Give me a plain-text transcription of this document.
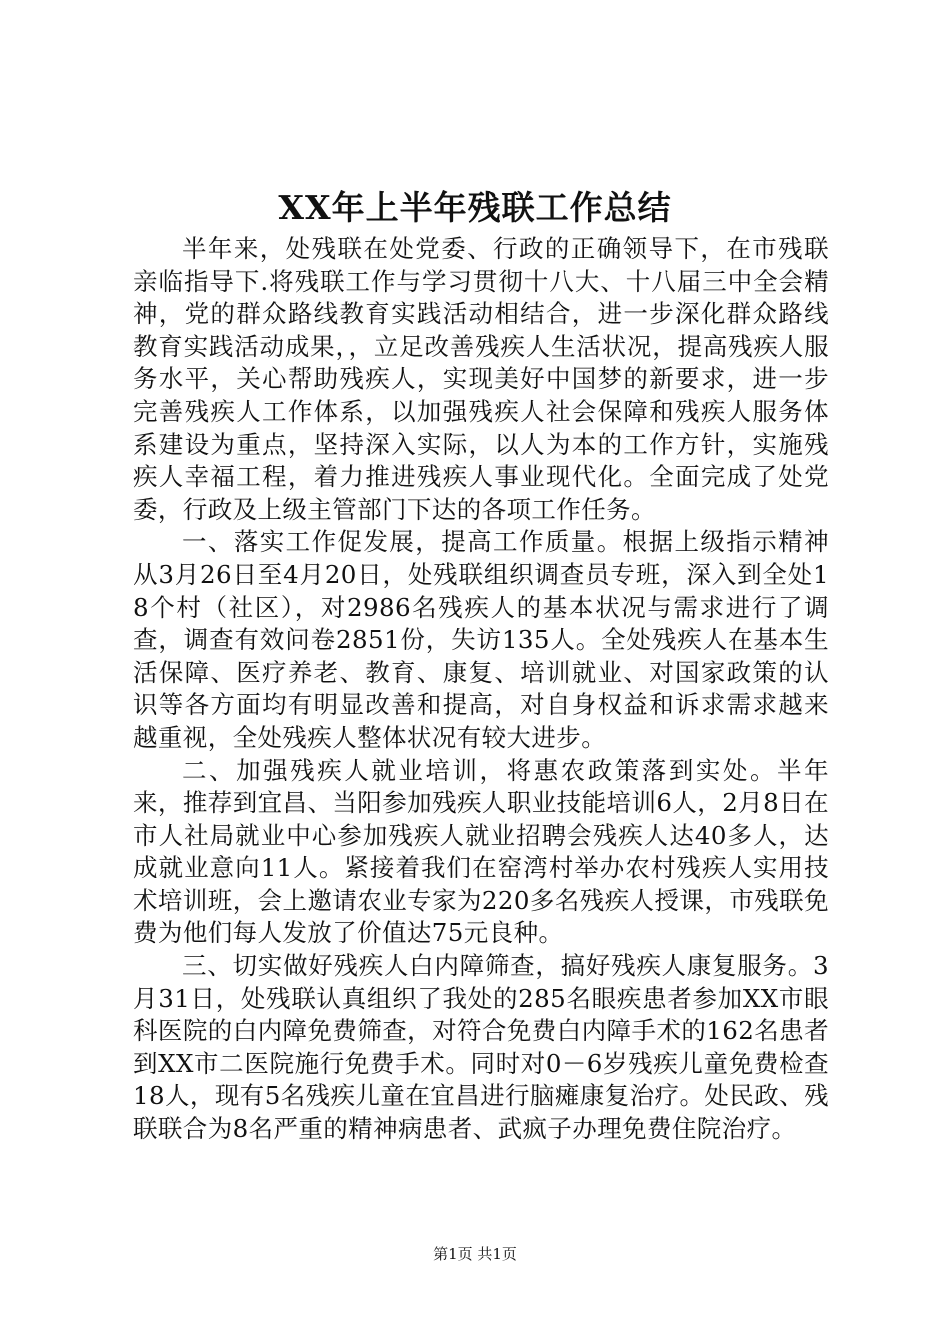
XX年上半年残联工作总结

半年来，处残联在处党委、行政的正确领导下，在市残联亲临指导下.将残联工作与学习贯彻十八大、十八届三中全会精神，党的群众路线教育实践活动相结合，进一步深化群众路线教育实践活动成果，，立足改善残疾人生活状况，提高残疾人服务水平，关心帮助残疾人，实现美好中国梦的新要求，进一步完善残疾人工作体系，以加强残疾人社会保障和残疾人服务体系建设为重点，坚持深入实际，以人为本的工作方针，实施残疾人幸福工程，着力推进残疾人事业现代化。全面完成了处党委，行政及上级主管部门下达的各项工作任务。

一、落实工作促发展，提高工作质量。根据上级指示精神从3月26日至4月20日，处残联组织调查员专班，深入到全处18个村（社区），对2986名残疾人的基本状况与需求进行了调查，调查有效问卷2851份，失访135人。全处残疾人在基本生活保障、医疗养老、教育、康复、培训就业、对国家政策的认识等各方面均有明显改善和提高，对自身权益和诉求需求越来越重视，全处残疾人整体状况有较大进步。

二、加强残疾人就业培训，将惠农政策落到实处。半年来，推荐到宜昌、当阳参加残疾人职业技能培训6人，2月8日在市人社局就业中心参加残疾人就业招聘会残疾人达40多人，达成就业意向11人。紧接着我们在窑湾村举办农村残疾人实用技术培训班，会上邀请农业专家为220多名残疾人授课，市残联免费为他们每人发放了价值达75元良种。

三、切实做好残疾人白内障筛查，搞好残疾人康复服务。3月31日，处残联认真组织了我处的285名眼疾患者参加XX市眼科医院的白内障免费筛查，对符合免费白内障手术的162名患者到XX市二医院施行免费手术。同时对0－6岁残疾儿童免费检查18人，现有5名残疾儿童在宜昌进行脑瘫康复治疗。处民政、残联联合为8名严重的精神病患者、武疯子办理免费住院治疗。

第1页 共1页
